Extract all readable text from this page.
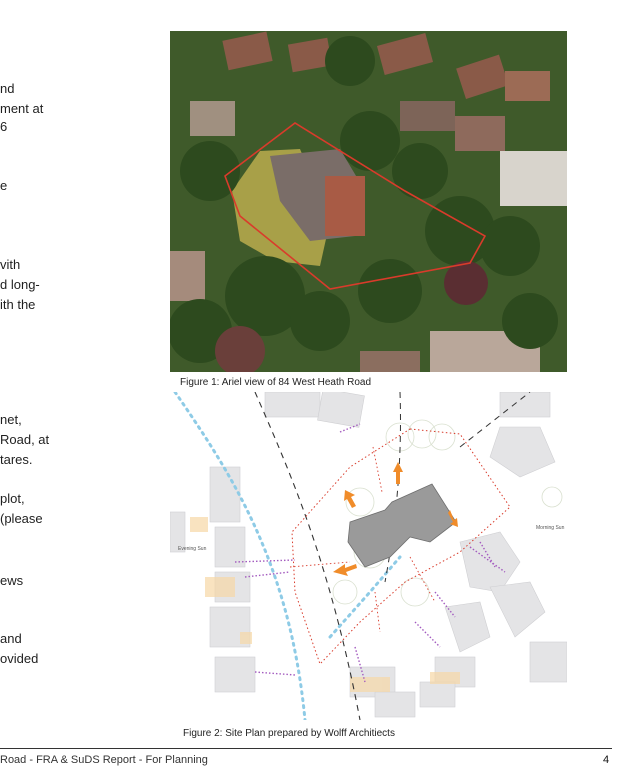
nd
ment at
6
e
vith
d long-
ith the
net,
Road, at
tares.
plot,
(please
ews
and
ovided
Figure 1: Ariel view of 84 West Heath Road
Evening Sun
Morning Sun
Figure 2: Site Plan prepared by Wolff Architiects
Road - FRA & SuDS Report - For Planning	4
